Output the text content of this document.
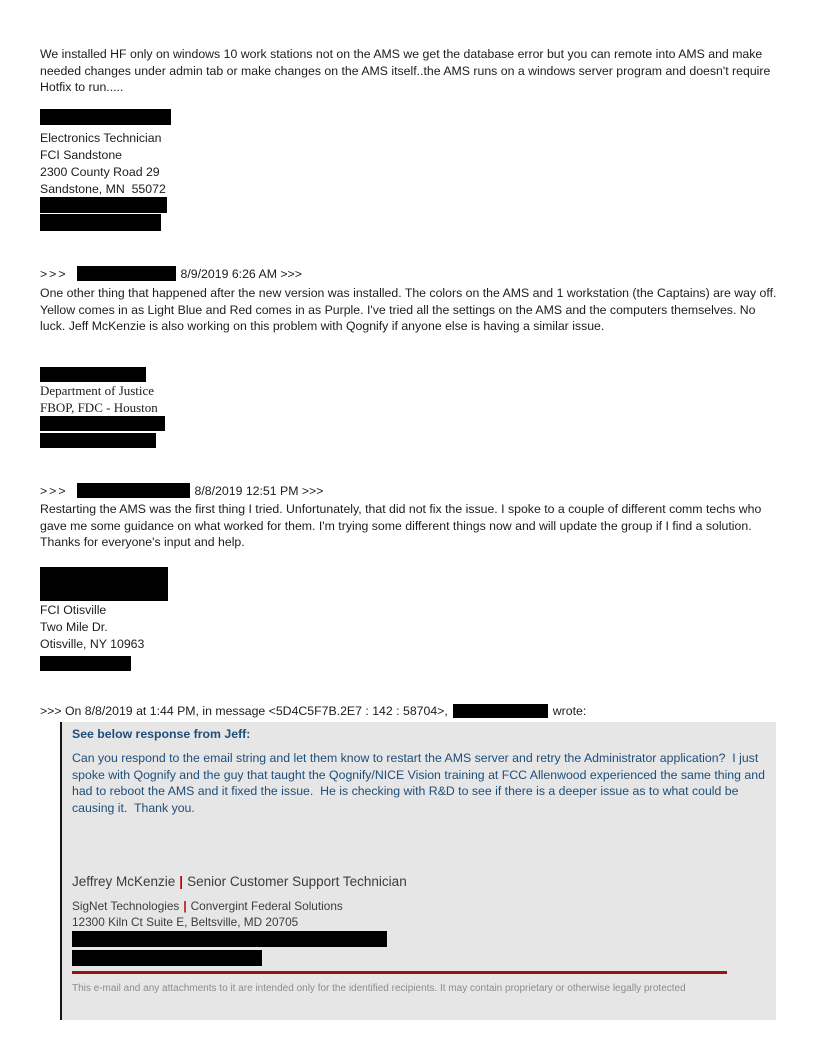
We installed HF only on windows 10 work stations not on the AMS we get the database error but you can remote into AMS and make needed changes under admin tab or make changes on the AMS itself..the AMS runs on a windows server program and doesn't require Hotfix to run.....
Electronics Technician
FCI Sandstone
2300 County Road 29
Sandstone, MN  55072
>>>	8/9/2019 6:26 AM >>>
One other thing that happened after the new version was installed. The colors on the AMS and 1 workstation (the Captains) are way off. Yellow comes in as Light Blue and Red comes in as Purple. I've tried all the settings on the AMS and the computers themselves. No luck. Jeff McKenzie is also working on this problem with Qognify if anyone else is having a similar issue.
Department of Justice
FBOP, FDC - Houston
>>>	8/8/2019 12:51 PM >>>
Restarting the AMS was the first thing I tried. Unfortunately, that did not fix the issue. I spoke to a couple of different comm techs who gave me some guidance on what worked for them. I'm trying some different things now and will update the group if I find a solution. Thanks for everyone's input and help.
FCI Otisville
Two Mile Dr.
Otisville, NY 10963
>>> On 8/8/2019 at 1:44 PM, in message <5D4C5F7B.2E7 : 142 : 58704>,	wrote:
See below response from Jeff:
Can you respond to the email string and let them know to restart the AMS server and retry the Administrator application?  I just spoke with Qognify and the guy that taught the Qognify/NICE Vision training at FCC Allenwood experienced the same thing and had to reboot the AMS and it fixed the issue.  He is checking with R&D to see if there is a deeper issue as to what could be causing it.  Thank you.
Jeffrey McKenzie | Senior Customer Support Technician
SigNet Technologies | Convergint Federal Solutions
12300 Kiln Ct Suite E, Beltsville, MD 20705
This e-mail and any attachments to it are intended only for the identified recipients. It may contain proprietary or otherwise legally protected
